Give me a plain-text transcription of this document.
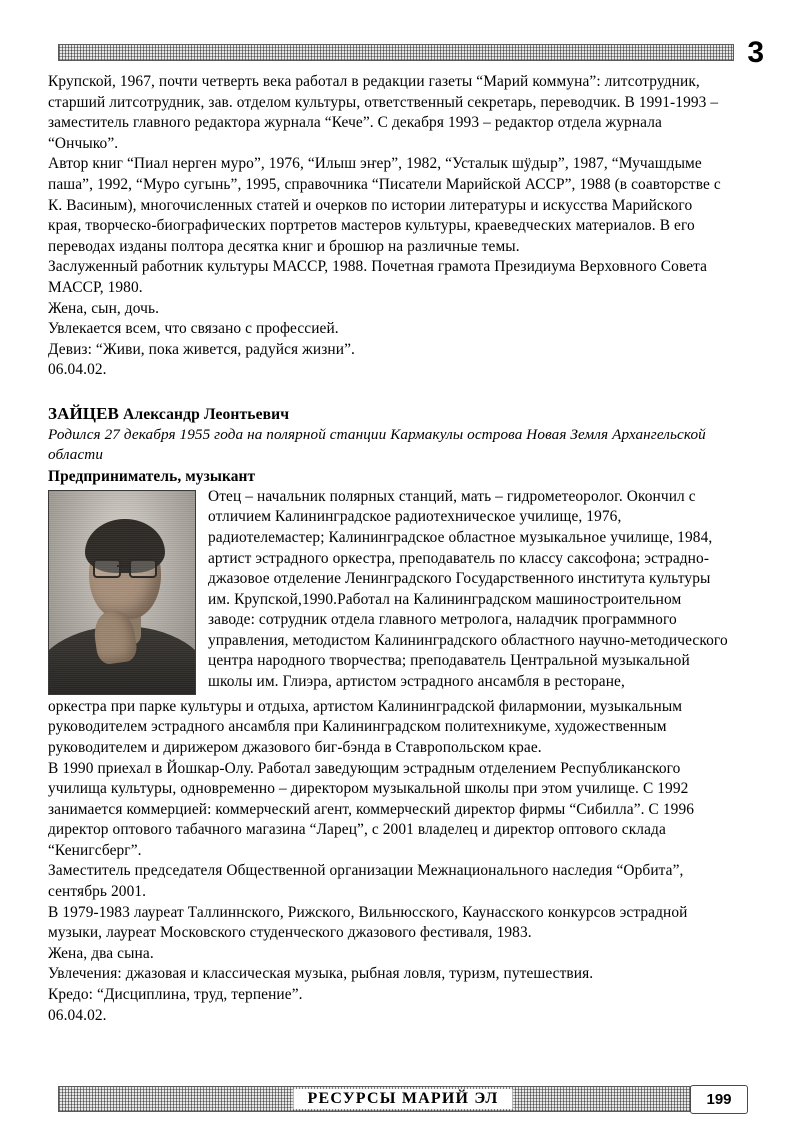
3

Крупской, 1967, почти четверть века работал в редакции газеты “Марий коммуна”: литсотрудник, старший литсотрудник, зав. отделом культуры, ответственный секретарь, переводчик. В 1991-1993 – заместитель главного редактора журнала “Кече”. С декабря 1993 – редактор отдела журнала “Ончыко”.

Автор книг “Пиал нерген муро”, 1976, “Илыш эҥер”, 1982, “Усталык шӱдыр”, 1987, “Мучашдыме паша”, 1992, “Муро сугынь”, 1995, справочника “Писатели Марийской АССР”, 1988 (в соавторстве с К. Васиным), многочисленных статей и очерков по истории литературы и искусства Марийского края, творческо-биографических портретов мастеров культуры, краеведческих материалов. В его переводах изданы полтора десятка книг и брошюр на различные темы.

Заслуженный работник культуры МАССР, 1988. Почетная грамота Президиума Верховного Совета МАССР, 1980.

Жена, сын, дочь.

Увлекается всем, что связано с профессией.

Девиз: “Живи, пока живется, радуйся жизни”.

06.04.02.

ЗАЙЦЕВ Александр Леонтьевич

Родился 27 декабря 1955 года на полярной станции Кармакулы острова Новая Земля Архангельской области

Предприниматель, музыкант

Отец – начальник полярных станций, мать – гидрометеоролог. Окончил с отличием Калининградское радиотехническое училище, 1976, радиотелемастер; Калининградское областное музыкальное училище, 1984, артист эстрадного оркестра, преподаватель по классу саксофона; эстрадно-джазовое отделение Ленинградского Государственного института культуры им. Крупской,1990.Работал на Калининградском машиностроительном заводе: сотрудник отдела главного метролога, наладчик программного управления, методистом Калининградского областного научно-методического центра народного творчества; преподаватель Центральной музыкальной школы им. Глиэра, артистом эстрадного ансамбля в ресторане,

оркестра при парке культуры и отдыха, артистом Калининградской филармонии, музыкальным руководителем эстрадного ансамбля при Калининградском политехникуме, художественным руководителем и дирижером джазового биг-бэнда в Ставропольском крае.

В 1990 приехал в Йошкар-Олу. Работал заведующим эстрадным отделением Республиканского училища культуры, одновременно – директором музыкальной школы при этом училище. С 1992 занимается коммерцией: коммерческий агент, коммерческий директор фирмы “Сибилла”. С 1996 директор оптового табачного магазина “Ларец”, с 2001 владелец и директор оптового склада “Кенигсберг”.

Заместитель председателя Общественной организации Межнационального наследия “Орбита”, сентябрь 2001.

В 1979-1983 лауреат Таллиннского, Рижского, Вильнюсского, Каунасского конкурсов эстрадной музыки, лауреат Московского студенческого джазового фестиваля, 1983.

Жена, два сына.

Увлечения: джазовая и классическая музыка, рыбная ловля, туризм, путешествия.

Кредо: “Дисциплина, труд, терпение”.

06.04.02.

РЕСУРСЫ МАРИЙ ЭЛ	199
